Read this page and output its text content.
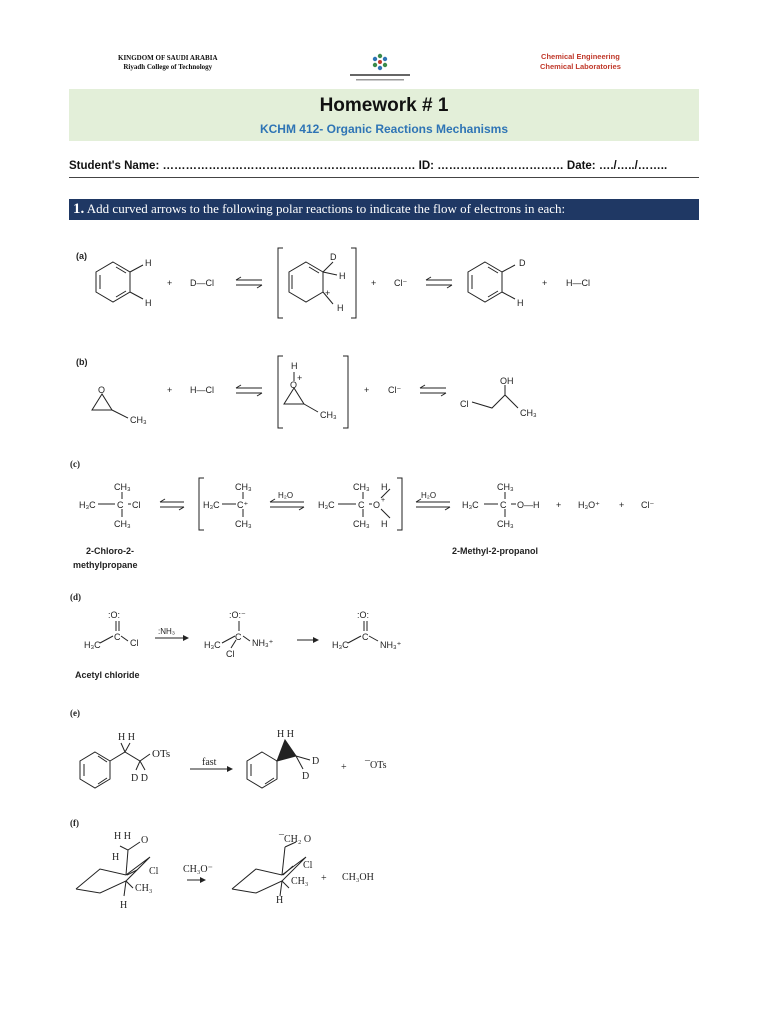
KINGDOM OF SAUDI ARABIA
Riyadh College of Technology
Chemical Engineering
Chemical Laboratories
Homework # 1
KCHM 412- Organic Reactions Mechanisms
Student's Name: ………………………………………………………… ID: …………………………… Date: …./…../……..
1. Add curved arrows to the following polar reactions to indicate the flow of electrons in each:
(a)
H
H
+ D—Cl
D
H
H
+
+ Cl⁻
D
H
+ H—Cl
(b)
O
CH₃
+ H—Cl
H
O
+
CH₃
+ Cl⁻
OH
Cl
CH₃
(c)
CH₃
H₃C C Cl
CH₃
CH₃
H₃C C⁺
CH₃
H₂O
CH₃ H
H₃C	C O +
CH₃ H
H₂O
CH₃
H₃C C O—H
CH₃
+ H₃O⁺ + Cl⁻
2-Chloro-2-
methylpropane
2-Methyl-2-propanol
(d)
:O:
H₃C
C
Cl
:NH₃
:O:⁻
H₃C
C
Cl
NH₃⁺
:O:
H₃C
C
NH₃⁺
Acetyl chloride
(e)
H H
OTs
D D
fast
H H
D
D
+ ¯OTs
(f)
H H O
H
Cl
CH₃
H
CH₃O⁻
¯CH₂ O
Cl
CH₃
H
+ CH₃OH
